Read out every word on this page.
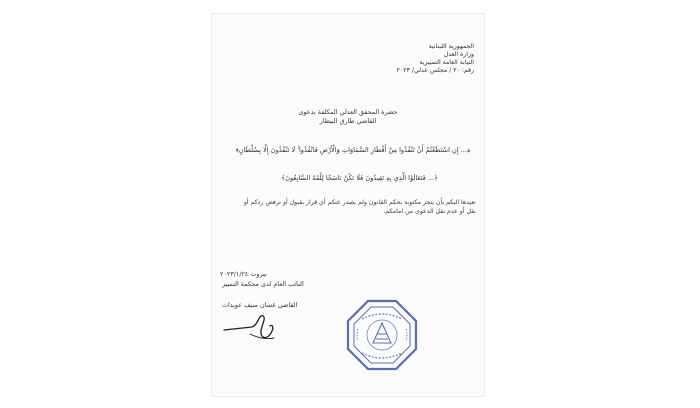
الجمهورية اللبنانية
وزارة العدل
النيابة العامة التمييزية
رقم: ٢٠ / مجلس عدلي/ ٢٠٢٣
حضرة المحقق العدلي المكلفة بدعوى
القاضي طارق البيطار
﴿... إِنِ اسْتَطَعْتُمْ أَنْ تَنْفُذُوا مِنْ أَقْطَارِ السَّمَاوَاتِ وَالْأَرْضِ فَانْفُذُوا ۚ لَا تَنْفُذُونَ إِلَّا بِسُلْطَانٍ﴾
﴿... فَتَعَالَوْا الَّذِي بِهِ تَقِيدُونَ فَلَا تَكُنْ نَاسَخًا لِلْمُهُ السَّابِعُونَ﴾
نعيدها اليكم بأن ينجز مكتوبة بحكم القانون ولم يصدر عنكم أي قرار بقبول أو ترفض ردكم أو
نقل أو عدم نقل الدعوى من امامكم.
بيروت ٢٠٢٣/١/٢٤
النائب العام لدى محكمة التمييز
القاضي غسان منيف عويدات
